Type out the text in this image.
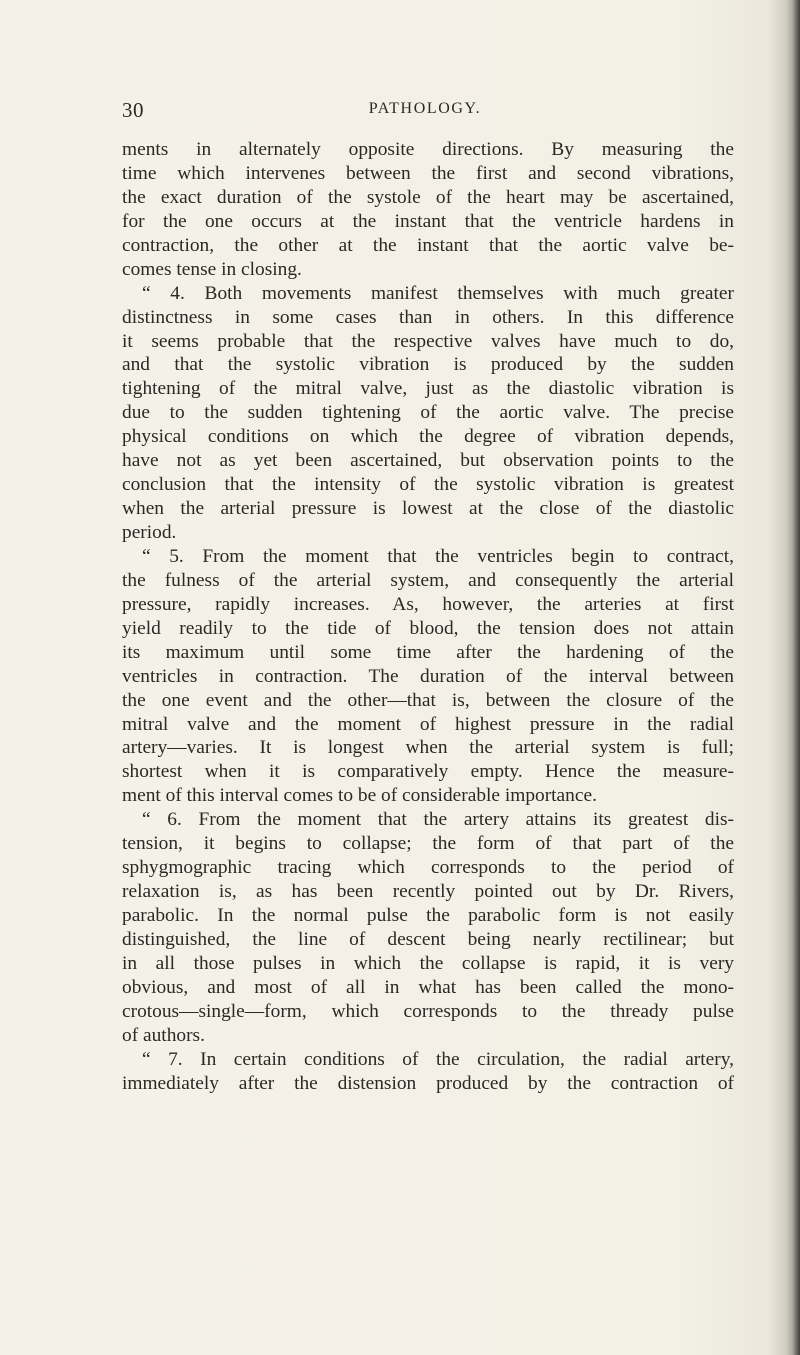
30	PATHOLOGY.
ments in alternately opposite directions. By measuring the
time which intervenes between the first and second vibrations,
the exact duration of the systole of the heart may be ascertained,
for the one occurs at the instant that the ventricle hardens in
contraction, the other at the instant that the aortic valve be-
comes tense in closing.
“ 4. Both movements manifest themselves with much greater
distinctness in some cases than in others. In this difference
it seems probable that the respective valves have much to do,
and that the systolic vibration is produced by the sudden
tightening of the mitral valve, just as the diastolic vibration is
due to the sudden tightening of the aortic valve. The precise
physical conditions on which the degree of vibration depends,
have not as yet been ascertained, but observation points to the
conclusion that the intensity of the systolic vibration is greatest
when the arterial pressure is lowest at the close of the diastolic
period.
“ 5. From the moment that the ventricles begin to contract,
the fulness of the arterial system, and consequently the arterial
pressure, rapidly increases. As, however, the arteries at first
yield readily to the tide of blood, the tension does not attain
its maximum until some time after the hardening of the
ventricles in contraction. The duration of the interval between
the one event and the other—that is, between the closure of the
mitral valve and the moment of highest pressure in the radial
artery—varies. It is longest when the arterial system is full;
shortest when it is comparatively empty. Hence the measure-
ment of this interval comes to be of considerable importance.
“ 6. From the moment that the artery attains its greatest dis-
tension, it begins to collapse; the form of that part of the
sphygmographic tracing which corresponds to the period of
relaxation is, as has been recently pointed out by Dr. Rivers,
parabolic. In the normal pulse the parabolic form is not easily
distinguished, the line of descent being nearly rectilinear; but
in all those pulses in which the collapse is rapid, it is very
obvious, and most of all in what has been called the mono-
crotous—single—form, which corresponds to the thready pulse
of authors.
“ 7. In certain conditions of the circulation, the radial artery,
immediately after the distension produced by the contraction of
